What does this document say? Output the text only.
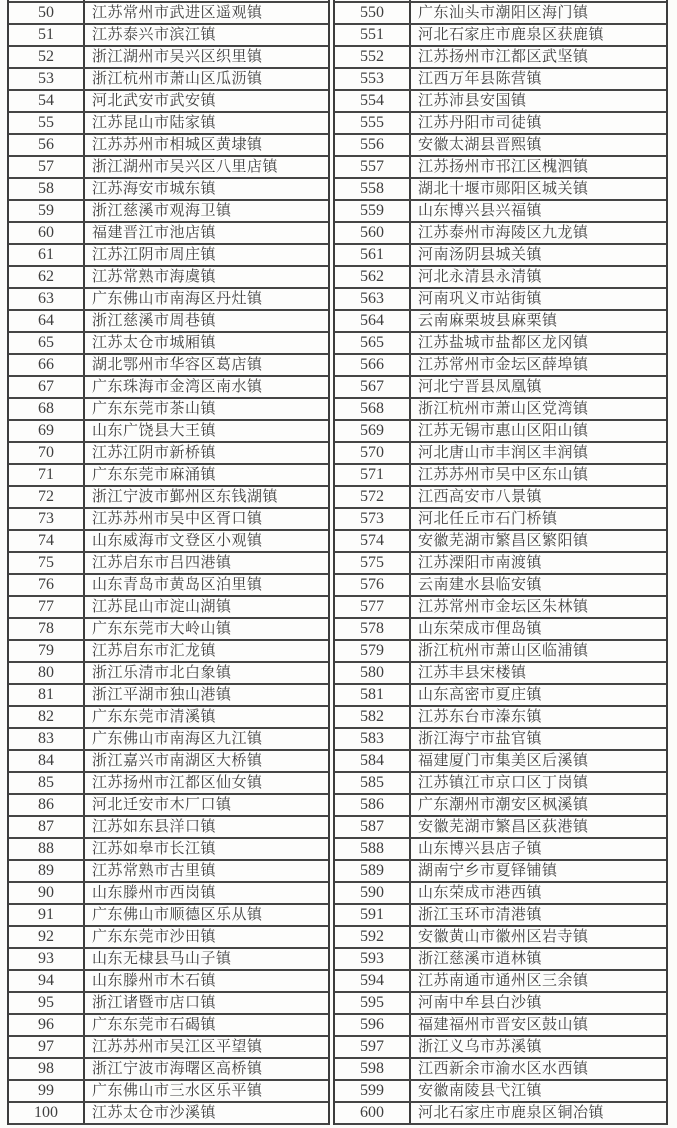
50	江苏常州市武进区遥观镇
51	江苏泰兴市滨江镇
52	浙江湖州市吴兴区织里镇
53	浙江杭州市萧山区瓜沥镇
54	河北武安市武安镇
55	江苏昆山市陆家镇
56	江苏苏州市相城区黄埭镇
57	浙江湖州市吴兴区八里店镇
58	江苏海安市城东镇
59	浙江慈溪市观海卫镇
60	福建晋江市池店镇
61	江苏江阴市周庄镇
62	江苏常熟市海虞镇
63	广东佛山市南海区丹灶镇
64	浙江慈溪市周巷镇
65	江苏太仓市城厢镇
66	湖北鄂州市华容区葛店镇
67	广东珠海市金湾区南水镇
68	广东东莞市茶山镇
69	山东广饶县大王镇
70	江苏江阴市新桥镇
71	广东东莞市麻涌镇
72	浙江宁波市鄞州区东钱湖镇
73	江苏苏州市吴中区胥口镇
74	山东威海市文登区小观镇
75	江苏启东市吕四港镇
76	山东青岛市黄岛区泊里镇
77	江苏昆山市淀山湖镇
78	广东东莞市大岭山镇
79	江苏启东市汇龙镇
80	浙江乐清市北白象镇
81	浙江平湖市独山港镇
82	广东东莞市清溪镇
83	广东佛山市南海区九江镇
84	浙江嘉兴市南湖区大桥镇
85	江苏扬州市江都区仙女镇
86	河北迁安市木厂口镇
87	江苏如东县洋口镇
88	江苏如皋市长江镇
89	江苏常熟市古里镇
90	山东滕州市西岗镇
91	广东佛山市顺德区乐从镇
92	广东东莞市沙田镇
93	山东无棣县马山子镇
94	山东滕州市木石镇
95	浙江诸暨市店口镇
96	广东东莞市石碣镇
97	江苏苏州市吴江区平望镇
98	浙江宁波市海曙区高桥镇
99	广东佛山市三水区乐平镇
100	江苏太仓市沙溪镇
550	广东汕头市潮阳区海门镇
551	河北石家庄市鹿泉区获鹿镇
552	江苏扬州市江都区武坚镇
553	江西万年县陈营镇
554	江苏沛县安国镇
555	江苏丹阳市司徒镇
556	安徽太湖县晋熙镇
557	江苏扬州市邗江区槐泗镇
558	湖北十堰市郧阳区城关镇
559	山东博兴县兴福镇
560	江苏泰州市海陵区九龙镇
561	河南汤阴县城关镇
562	河北永清县永清镇
563	河南巩义市站街镇
564	云南麻栗坡县麻栗镇
565	江苏盐城市盐都区龙冈镇
566	江苏常州市金坛区薛埠镇
567	河北宁晋县凤凰镇
568	浙江杭州市萧山区党湾镇
569	江苏无锡市惠山区阳山镇
570	河北唐山市丰润区丰润镇
571	江苏苏州市吴中区东山镇
572	江西高安市八景镇
573	河北任丘市石门桥镇
574	安徽芜湖市繁昌区繁阳镇
575	江苏溧阳市南渡镇
576	云南建水县临安镇
577	江苏常州市金坛区朱林镇
578	山东荣成市俚岛镇
579	浙江杭州市萧山区临浦镇
580	江苏丰县宋楼镇
581	山东高密市夏庄镇
582	江苏东台市溱东镇
583	浙江海宁市盐官镇
584	福建厦门市集美区后溪镇
585	江苏镇江市京口区丁岗镇
586	广东潮州市潮安区枫溪镇
587	安徽芜湖市繁昌区荻港镇
588	山东博兴县店子镇
589	湖南宁乡市夏铎铺镇
590	山东荣成市港西镇
591	浙江玉环市清港镇
592	安徽黄山市徽州区岩寺镇
593	浙江慈溪市逍林镇
594	江苏南通市通州区三余镇
595	河南中牟县白沙镇
596	福建福州市晋安区鼓山镇
597	浙江义乌市苏溪镇
598	江西新余市渝水区水西镇
599	安徽南陵县弋江镇
600	河北石家庄市鹿泉区铜冶镇
